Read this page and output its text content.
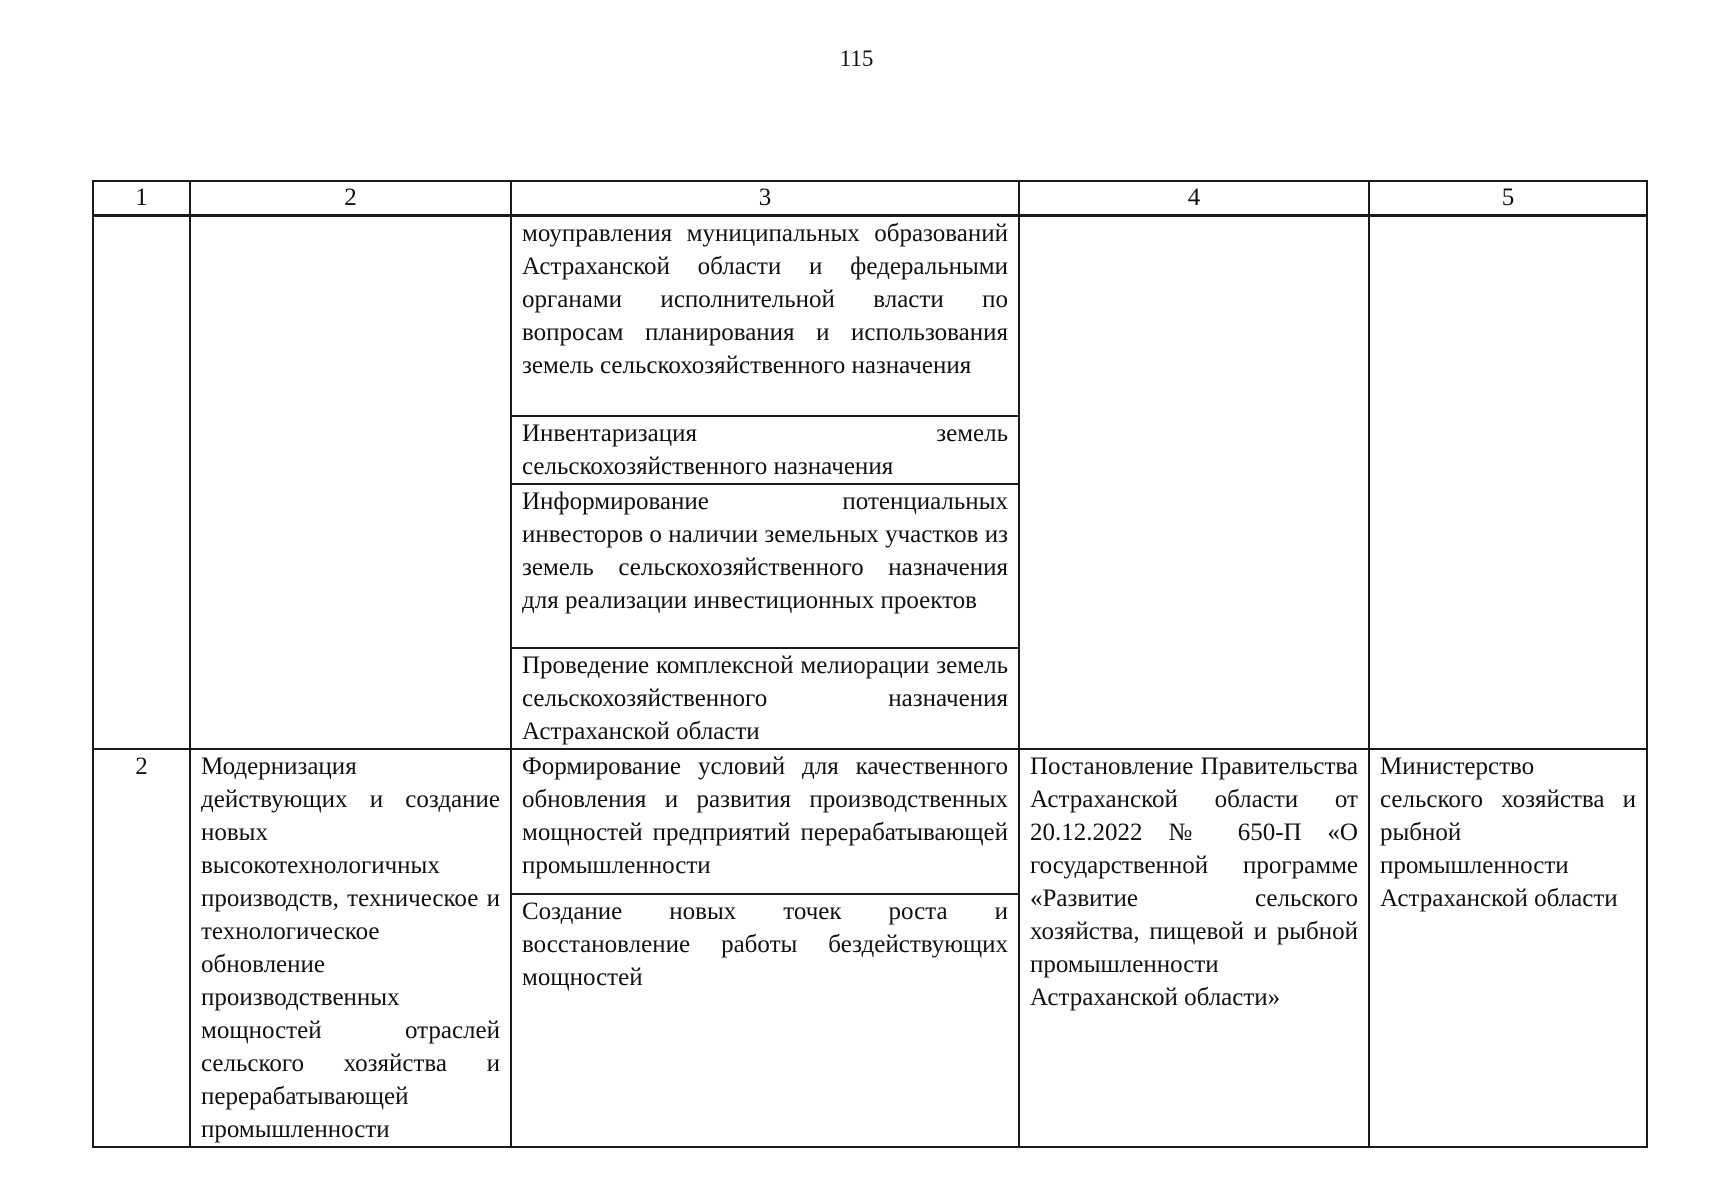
115
1	2	3	4	5

		моуправления муниципальных образований Астраханской области и федеральными органами исполнительной власти по вопросам планирования и использования земель сельскохозяйственного назначения		

		Инвентаризация земель сельскохозяйственного назначения		

		Информирование потенциальных инвесторов о наличии земельных участков из земель сельскохозяйственного назначения для реализации инвестиционных проектов		

		Проведение комплексной мелиорации земель сельскохозяйственного назначения Астраханской области		

2	Модернизация действующих и создание новых высокотехнологичных производств, техническое и технологическое обновление производственных мощностей отраслей сельского хозяйства и перерабатывающей промышленности	Формирование условий для качественного обновления и развития производственных мощностей предприятий перерабатывающей промышленности	Постановление Правительства Астраханской области от 20.12.2022 № 650-П «О государственной программе «Развитие сельского хозяйства, пищевой и рыбной промышленности Астраханской области»	Министерство сельского хозяйства и рыбной промышленности Астраханской области

		Создание новых точек роста и восстановление работы бездействующих мощностей		
